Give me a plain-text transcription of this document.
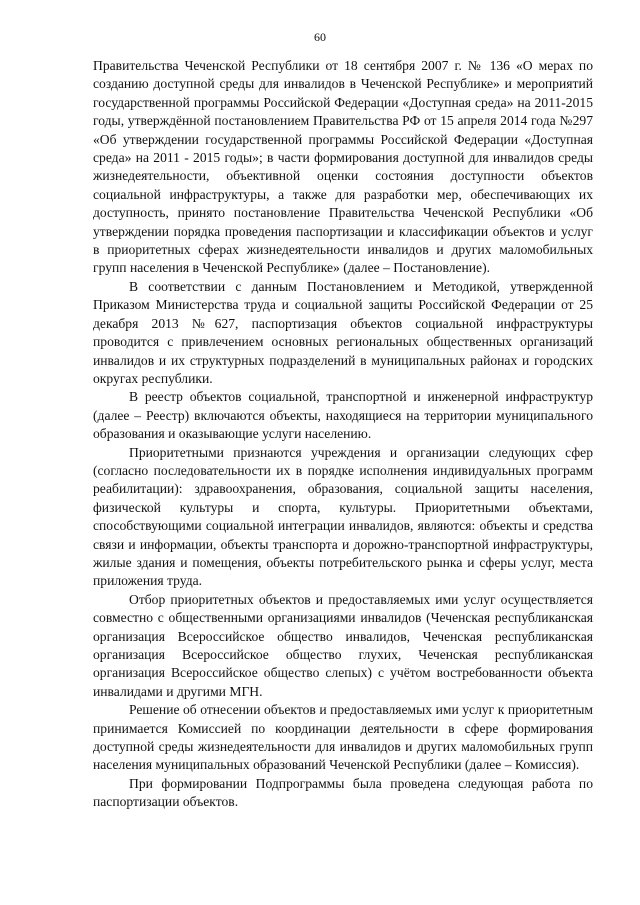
60

Правительства Чеченской Республики от 18 сентября 2007 г. № 136 «О мерах по созданию доступной среды для инвалидов в Чеченской Республике» и мероприятий государственной программы Российской Федерации «Доступная среда» на 2011-2015 годы, утверждённой постановлением Правительства РФ от 15 апреля 2014 года №297 «Об утверждении государственной программы Российской Федерации «Доступная среда» на 2011 - 2015 годы»; в части формирования доступной для инвалидов среды жизнедеятельности, объективной оценки состояния доступности объектов социальной инфраструктуры, а также для разработки мер, обеспечивающих их доступность, принято постановление Правительства Чеченской Республики «Об утверждении порядка проведения паспортизации и классификации объектов и услуг в приоритетных сферах жизнедеятельности инвалидов и других маломобильных групп населения в Чеченской Республике» (далее – Постановление).

В соответствии с данным Постановлением и Методикой, утвержденной Приказом Министерства труда и социальной защиты Российской Федерации от 25 декабря 2013 №627, паспортизация объектов социальной инфраструктуры проводится с привлечением основных региональных общественных организаций инвалидов и их структурных подразделений в муниципальных районах и городских округах республики.

В реестр объектов социальной, транспортной и инженерной инфраструктур (далее – Реестр) включаются объекты, находящиеся на территории муниципального образования и оказывающие услуги населению.

Приоритетными признаются учреждения и организации следующих сфер (согласно последовательности их в порядке исполнения индивидуальных программ реабилитации): здравоохранения, образования, социальной защиты населения, физической культуры и спорта, культуры. Приоритетными объектами, способствующими социальной интеграции инвалидов, являются: объекты и средства связи и информации, объекты транспорта и дорожно-транспортной инфраструктуры, жилые здания и помещения, объекты потребительского рынка и сферы услуг, места приложения труда.

Отбор приоритетных объектов и предоставляемых ими услуг осуществляется совместно с общественными организациями инвалидов (Чеченская республиканская организация Всероссийское общество инвалидов, Чеченская республиканская организация Всероссийское общество глухих, Чеченская республиканская организация Всероссийское общество слепых) с учётом востребованности объекта инвалидами и другими МГН.

Решение об отнесении объектов и предоставляемых ими услуг к приоритетным принимается Комиссией по координации деятельности в сфере формирования доступной среды жизнедеятельности для инвалидов и других маломобильных групп населения муниципальных образований Чеченской Республики (далее – Комиссия).

При формировании Подпрограммы была проведена следующая работа по паспортизации объектов.
